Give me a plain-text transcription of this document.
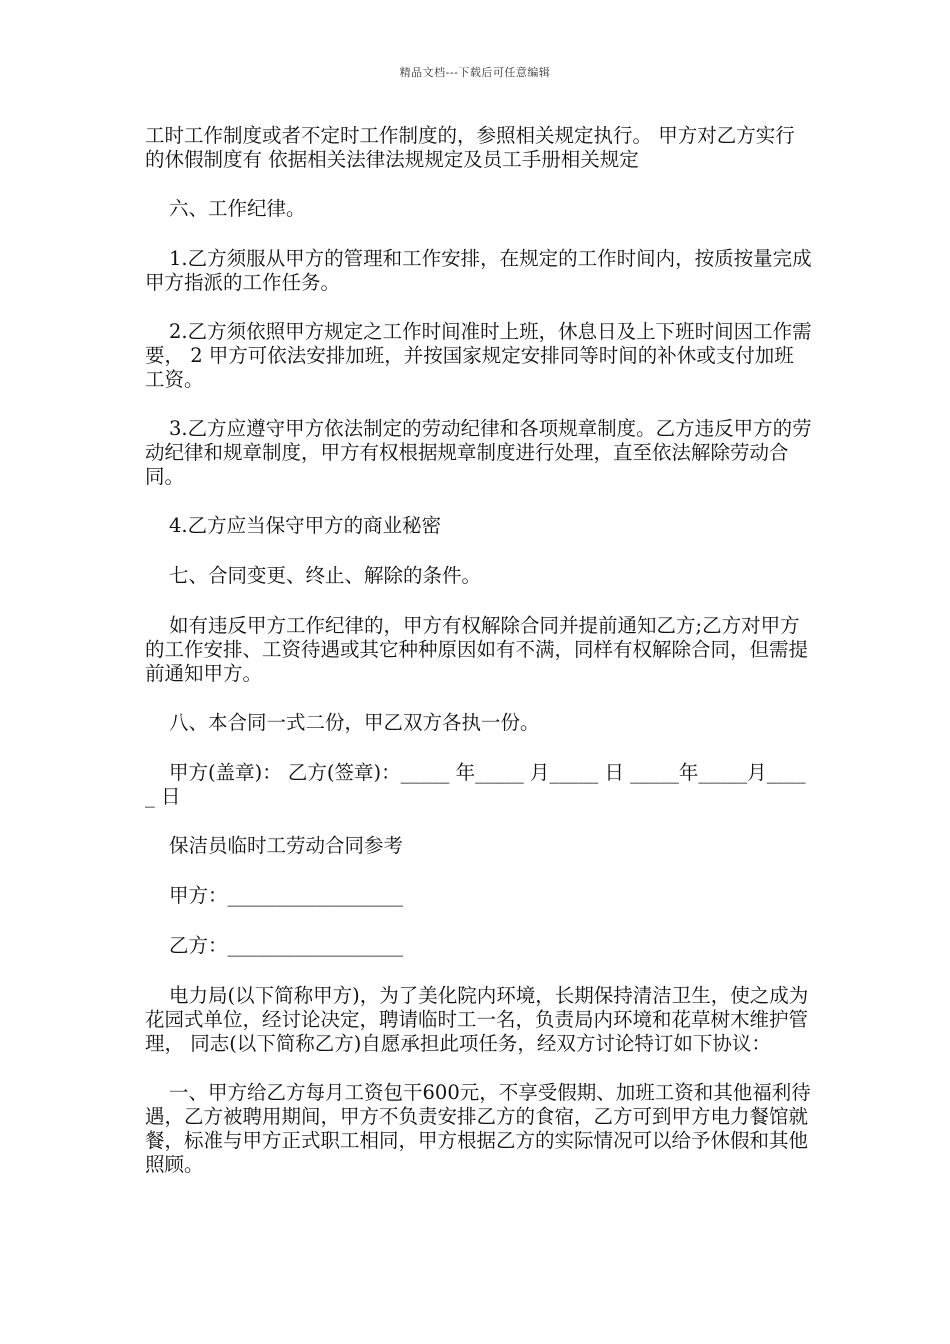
精品文档---下载后可任意编辑

工时工作制度或者不定时工作制度的，参照相关规定执行。 甲方对乙方实行的休假制度有 依据相关法律法规规定及员工手册相关规定

六、工作纪律。

1.乙方须服从甲方的管理和工作安排，在规定的工作时间内，按质按量完成甲方指派的工作任务。

2.乙方须依照甲方规定之工作时间准时上班，休息日及上下班时间因工作需要， 2 甲方可依法安排加班，并按国家规定安排同等时间的补休或支付加班工资。

3.乙方应遵守甲方依法制定的劳动纪律和各项规章制度。乙方违反甲方的劳动纪律和规章制度，甲方有权根据规章制度进行处理，直至依法解除劳动合同。

4.乙方应当保守甲方的商业秘密

七、合同变更、终止、解除的条件。

如有违反甲方工作纪律的，甲方有权解除合同并提前通知乙方;乙方对甲方的工作安排、工资待遇或其它种种原因如有不满，同样有权解除合同，但需提前通知甲方。

八、本合同一式二份，甲乙双方各执一份。

甲方(盖章)： 乙方(签章)：_____ 年_____ 月_____ 日 _____年_____月_____ 日

保洁员临时工劳动合同参考

甲方：__________________

乙方：__________________

电力局(以下简称甲方)，为了美化院内环境，长期保持清洁卫生，使之成为花园式单位，经讨论决定，聘请临时工一名，负责局内环境和花草树木维护管理， 同志(以下简称乙方)自愿承担此项任务，经双方讨论特订如下协议：

一、甲方给乙方每月工资包干600元，不享受假期、加班工资和其他福利待遇，乙方被聘用期间，甲方不负责安排乙方的食宿，乙方可到甲方电力餐馆就餐，标准与甲方正式职工相同，甲方根据乙方的实际情况可以给予休假和其他照顾。
